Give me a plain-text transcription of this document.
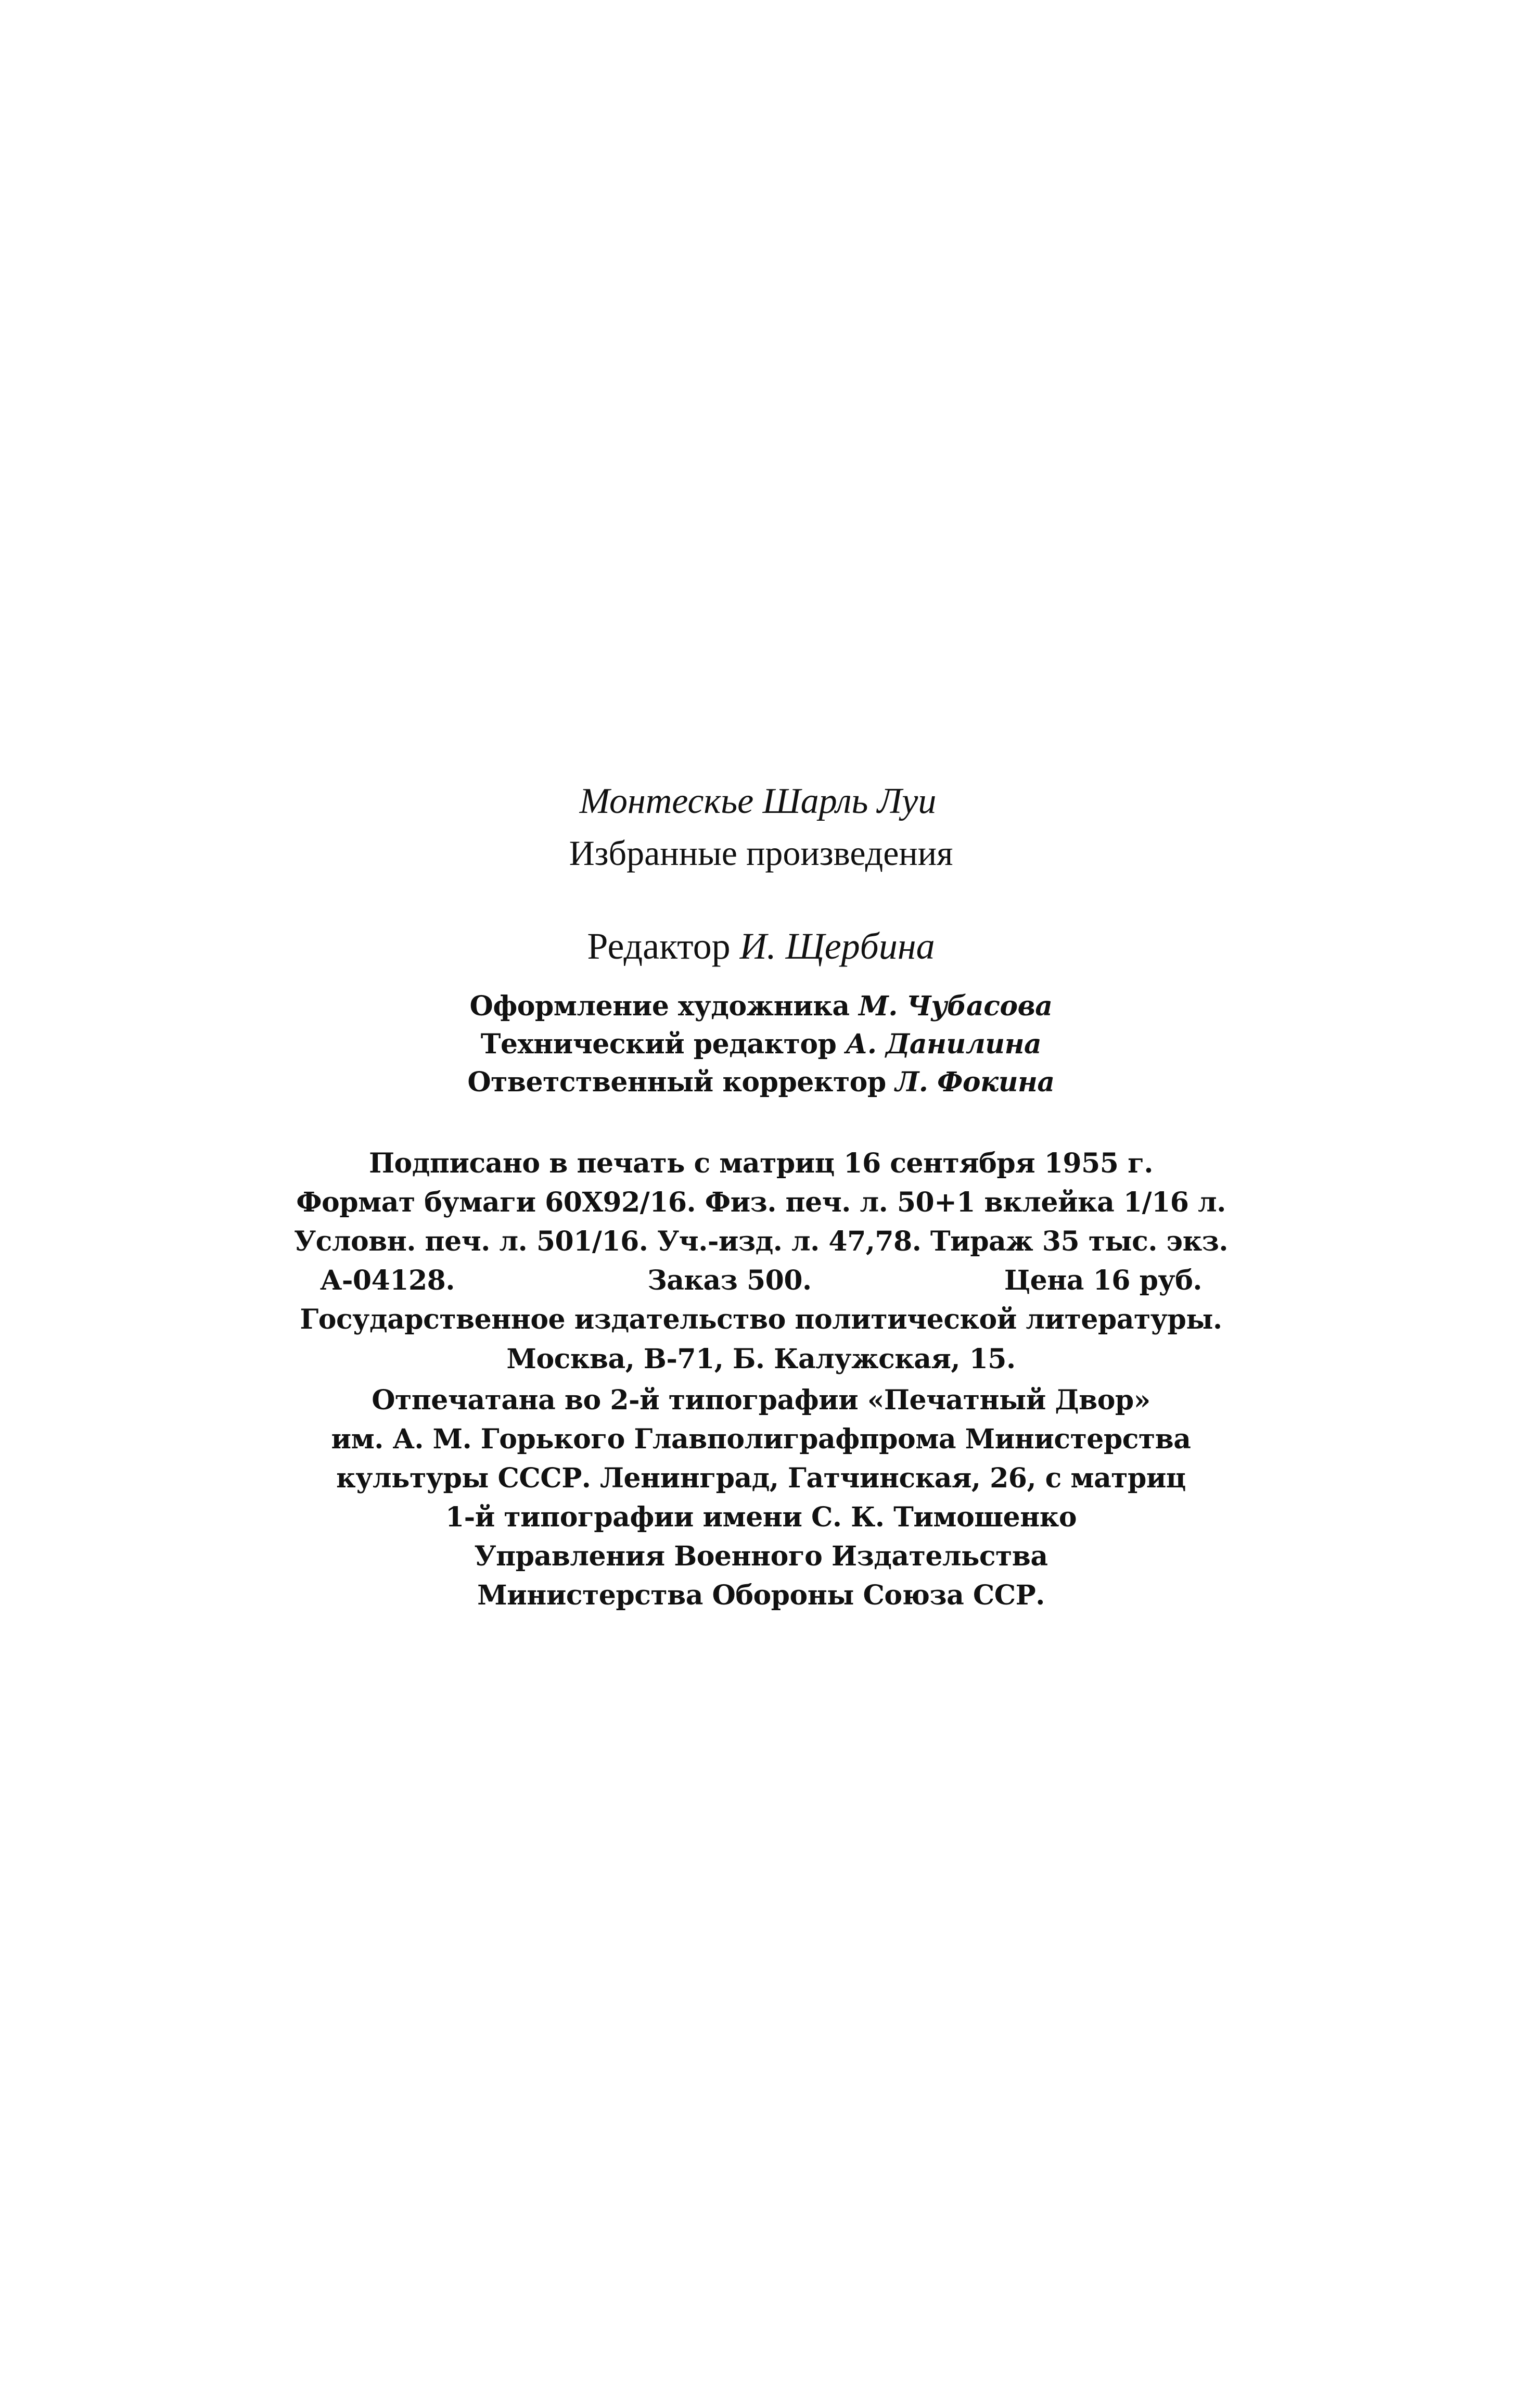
Монтескье Шарль Луи

Избранные произведения

Редактор И. Щербина

Оформление художника М. Чубасова

Технический редактор А. Данилина

Ответственный корректор Л. Фокина

Подписано в печать с матриц 16 сентября 1955 г.
Формат бумаги 60X92/16. Физ. печ. л. 50+1 вклейка 1/16 л.
Условн. печ. л. 501/16. Уч.-изд. л. 47,78. Тираж 35 тыс. экз.
А-04128.	Заказ 500.	Цена 16 руб.

Государственное издательство политической литературы.

Москва, В-71, Б. Калужская, 15.

Отпечатана во 2-й типографии «Печатный Двор»

им. А. М. Горького Главполиграфпрома Министерства

культуры СССР. Ленинград, Гатчинская, 26, с матриц

1-й типографии имени С. К. Тимошенко

Управления Военного Издательства

Министерства Обороны Союза ССР.
